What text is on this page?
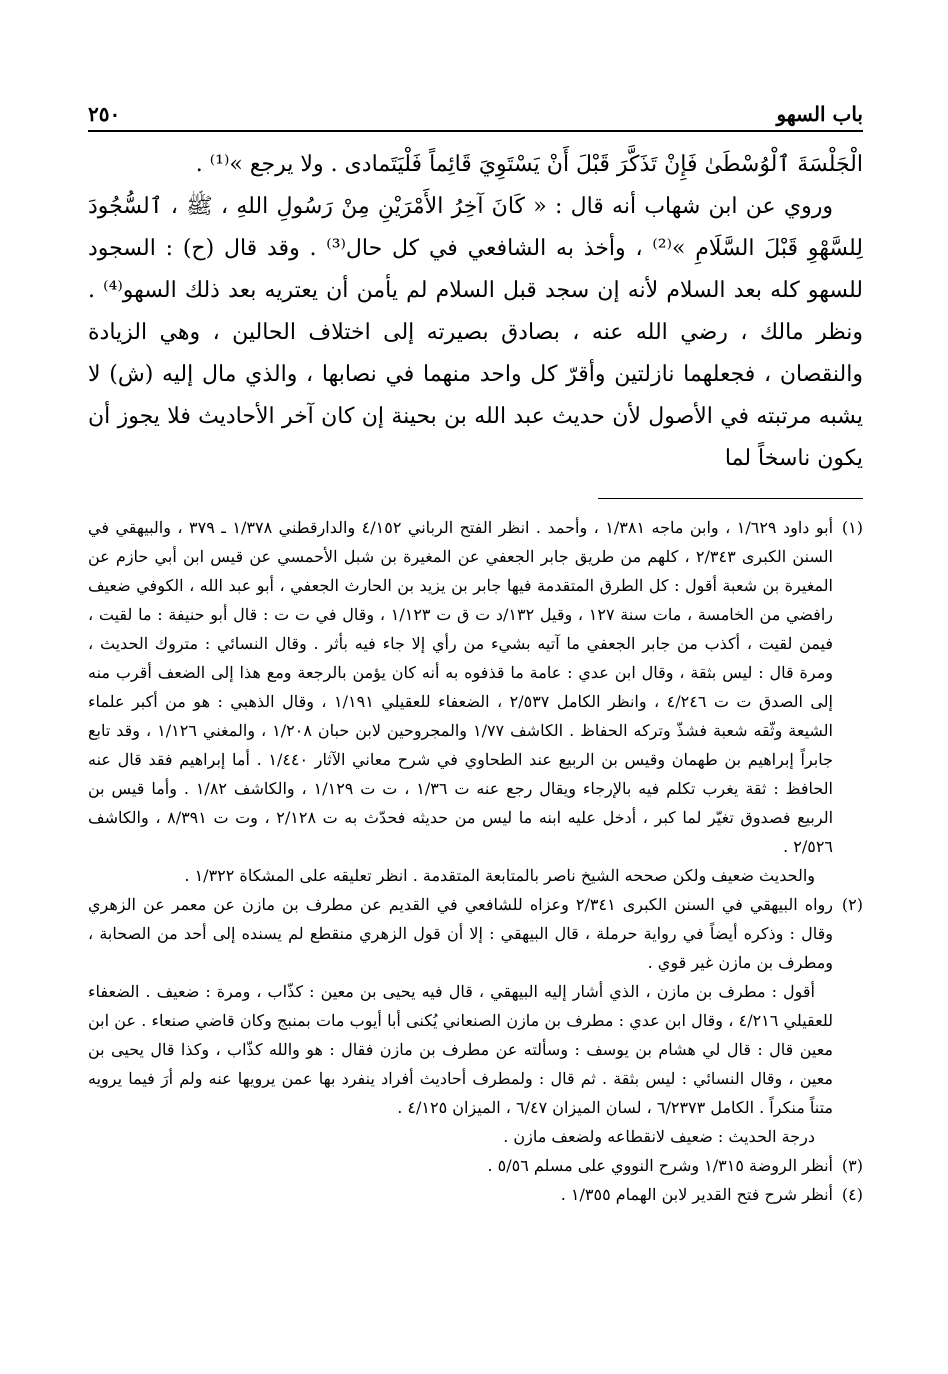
باب السهو
٢٥٠

الْجَلْسَةَ ٱلْوُسْطَىٰ فَإِنْ تَذَكَّرَ قَبْلَ أَنْ يَسْتَوِيَ قَائِماً فَلْيَتَمادى . ولا يرجع »⁽¹⁾ .

وروي عن ابن شهاب أنه قال : « كَانَ آخِرُ الأَمْرَيْنِ مِنْ رَسُولِ اللهِ ، ﷺ ، ٱلسُّجُودَ لِلسَّهْوِ قَبْلَ السَّلَامِ »⁽²⁾ ، وأخذ به الشافعي في كل حال⁽³⁾ . وقد قال (ح) : السجود للسهو كله بعد السلام لأنه إن سجد قبل السلام لم يأمن أن يعتريه بعد ذلك السهو⁽⁴⁾ . ونظر مالك ، رضي الله عنه ، بصادق بصيرته إلى اختلاف الحالين ، وهي الزيادة والنقصان ، فجعلهما نازلتين وأقرّ كل واحد منهما في نصابها ، والذي مال إليه (ش) لا يشبه مرتبته في الأصول لأن حديث عبد الله بن بحينة إن كان آخر الأحاديث فلا يجوز أن يكون ناسخاً لما

(١)

أبو داود ١/٦٢٩ ، وابن ماجه ١/٣٨١ ، وأحمد . انظر الفتح الرباني ٤/١٥٢ والدارقطني ١/٣٧٨ ـ ٣٧٩ ، والبيهقي في السنن الكبرى ٢/٣٤٣ ، كلهم من طريق جابر الجعفي عن المغيرة بن شبل الأحمسي عن قيس ابن أبي حازم عن المغيرة بن شعبة أقول : كل الطرق المتقدمة فيها جابر بن يزيد بن الحارث الجعفي ، أبو عبد الله ، الكوفي ضعيف رافضي من الخامسة ، مات سنة ١٢٧ ، وقيل ١٣٢/د ت ق ت ١/١٢٣ ، وقال في ت ت : قال أبو حنيفة : ما لقيت ، فيمن لقيت ، أكذب من جابر الجعفي ما آتيه بشيء من رأي إلا جاء فيه بأثر . وقال النسائي : متروك الحديث ، ومرة قال : ليس بثقة ، وقال ابن عدي : عامة ما قذفوه به أنه كان يؤمن بالرجعة ومع هذا إلى الضعف أقرب منه إلى الصدق ت ت ٤/٢٤٦ ، وانظر الكامل ٢/٥٣٧ ، الضعفاء للعقيلي ١/١٩١ ، وقال الذهبي : هو من أكبر علماء الشيعة وثّقه شعبة فشذّ وتركه الحفاظ . الكاشف ١/٧٧ والمجروحين لابن حبان ١/٢٠٨ ، والمغني ١/١٢٦ ، وقد تابع جابراً إبراهيم بن طهمان وقيس بن الربيع عند الطحاوي في شرح معاني الآثار ١/٤٤٠ . أما إبراهيم فقد قال عنه الحافظ : ثقة يغرب تكلم فيه بالإرجاء ويقال رجع عنه ت ١/٣٦ ، ت ت ١/١٢٩ ، والكاشف ١/٨٢ . وأما قيس بن الربيع فصدوق تغيّر لما كبر ، أدخل عليه ابنه ما ليس من حديثه فحدّث به ت ٢/١٢٨ ، وت ت ٨/٣٩١ ، والكاشف ٢/٥٢٦ .

والحديث ضعيف ولكن صححه الشيخ ناصر بالمتابعة المتقدمة . انظر تعليقه على المشكاة ١/٣٢٢ .

(٢)

رواه البيهقي في السنن الكبرى ٢/٣٤١ وعزاه للشافعي في القديم عن مطرف بن مازن عن معمر عن الزهري وقال : وذكره أيضاً في رواية حرملة ، قال البيهقي : إلا أن قول الزهري منقطع لم يسنده إلى أحد من الصحابة ، ومطرف بن مازن غير قوي .

أقول : مطرف بن مازن ، الذي أشار إليه البيهقي ، قال فيه يحيى بن معين : كذّاب ، ومرة : ضعيف . الضعفاء للعقيلي ٤/٢١٦ ، وقال ابن عدي : مطرف بن مازن الصنعاني يُكنى أبا أيوب مات بمنبج وكان قاضي صنعاء . عن ابن معين قال : قال لي هشام بن يوسف : وسألته عن مطرف بن مازن فقال : هو والله كذّاب ، وكذا قال يحيى بن معين ، وقال النسائي : ليس بثقة . ثم قال : ولمطرف أحاديث أفراد ينفرد بها عمن يرويها عنه ولم أرَ فيما يرويه متناً منكراً . الكامل ٦/٢٣٧٣ ، لسان الميزان ٦/٤٧ ، الميزان ٤/١٢٥ .

درجة الحديث : ضعيف لانقطاعه ولضعف مازن .

(٣)

أنظر الروضة ١/٣١٥ وشرح النووي على مسلم ٥/٥٦ .

(٤)

أنظر شرح فتح القدير لابن الهمام ١/٣٥٥ .
